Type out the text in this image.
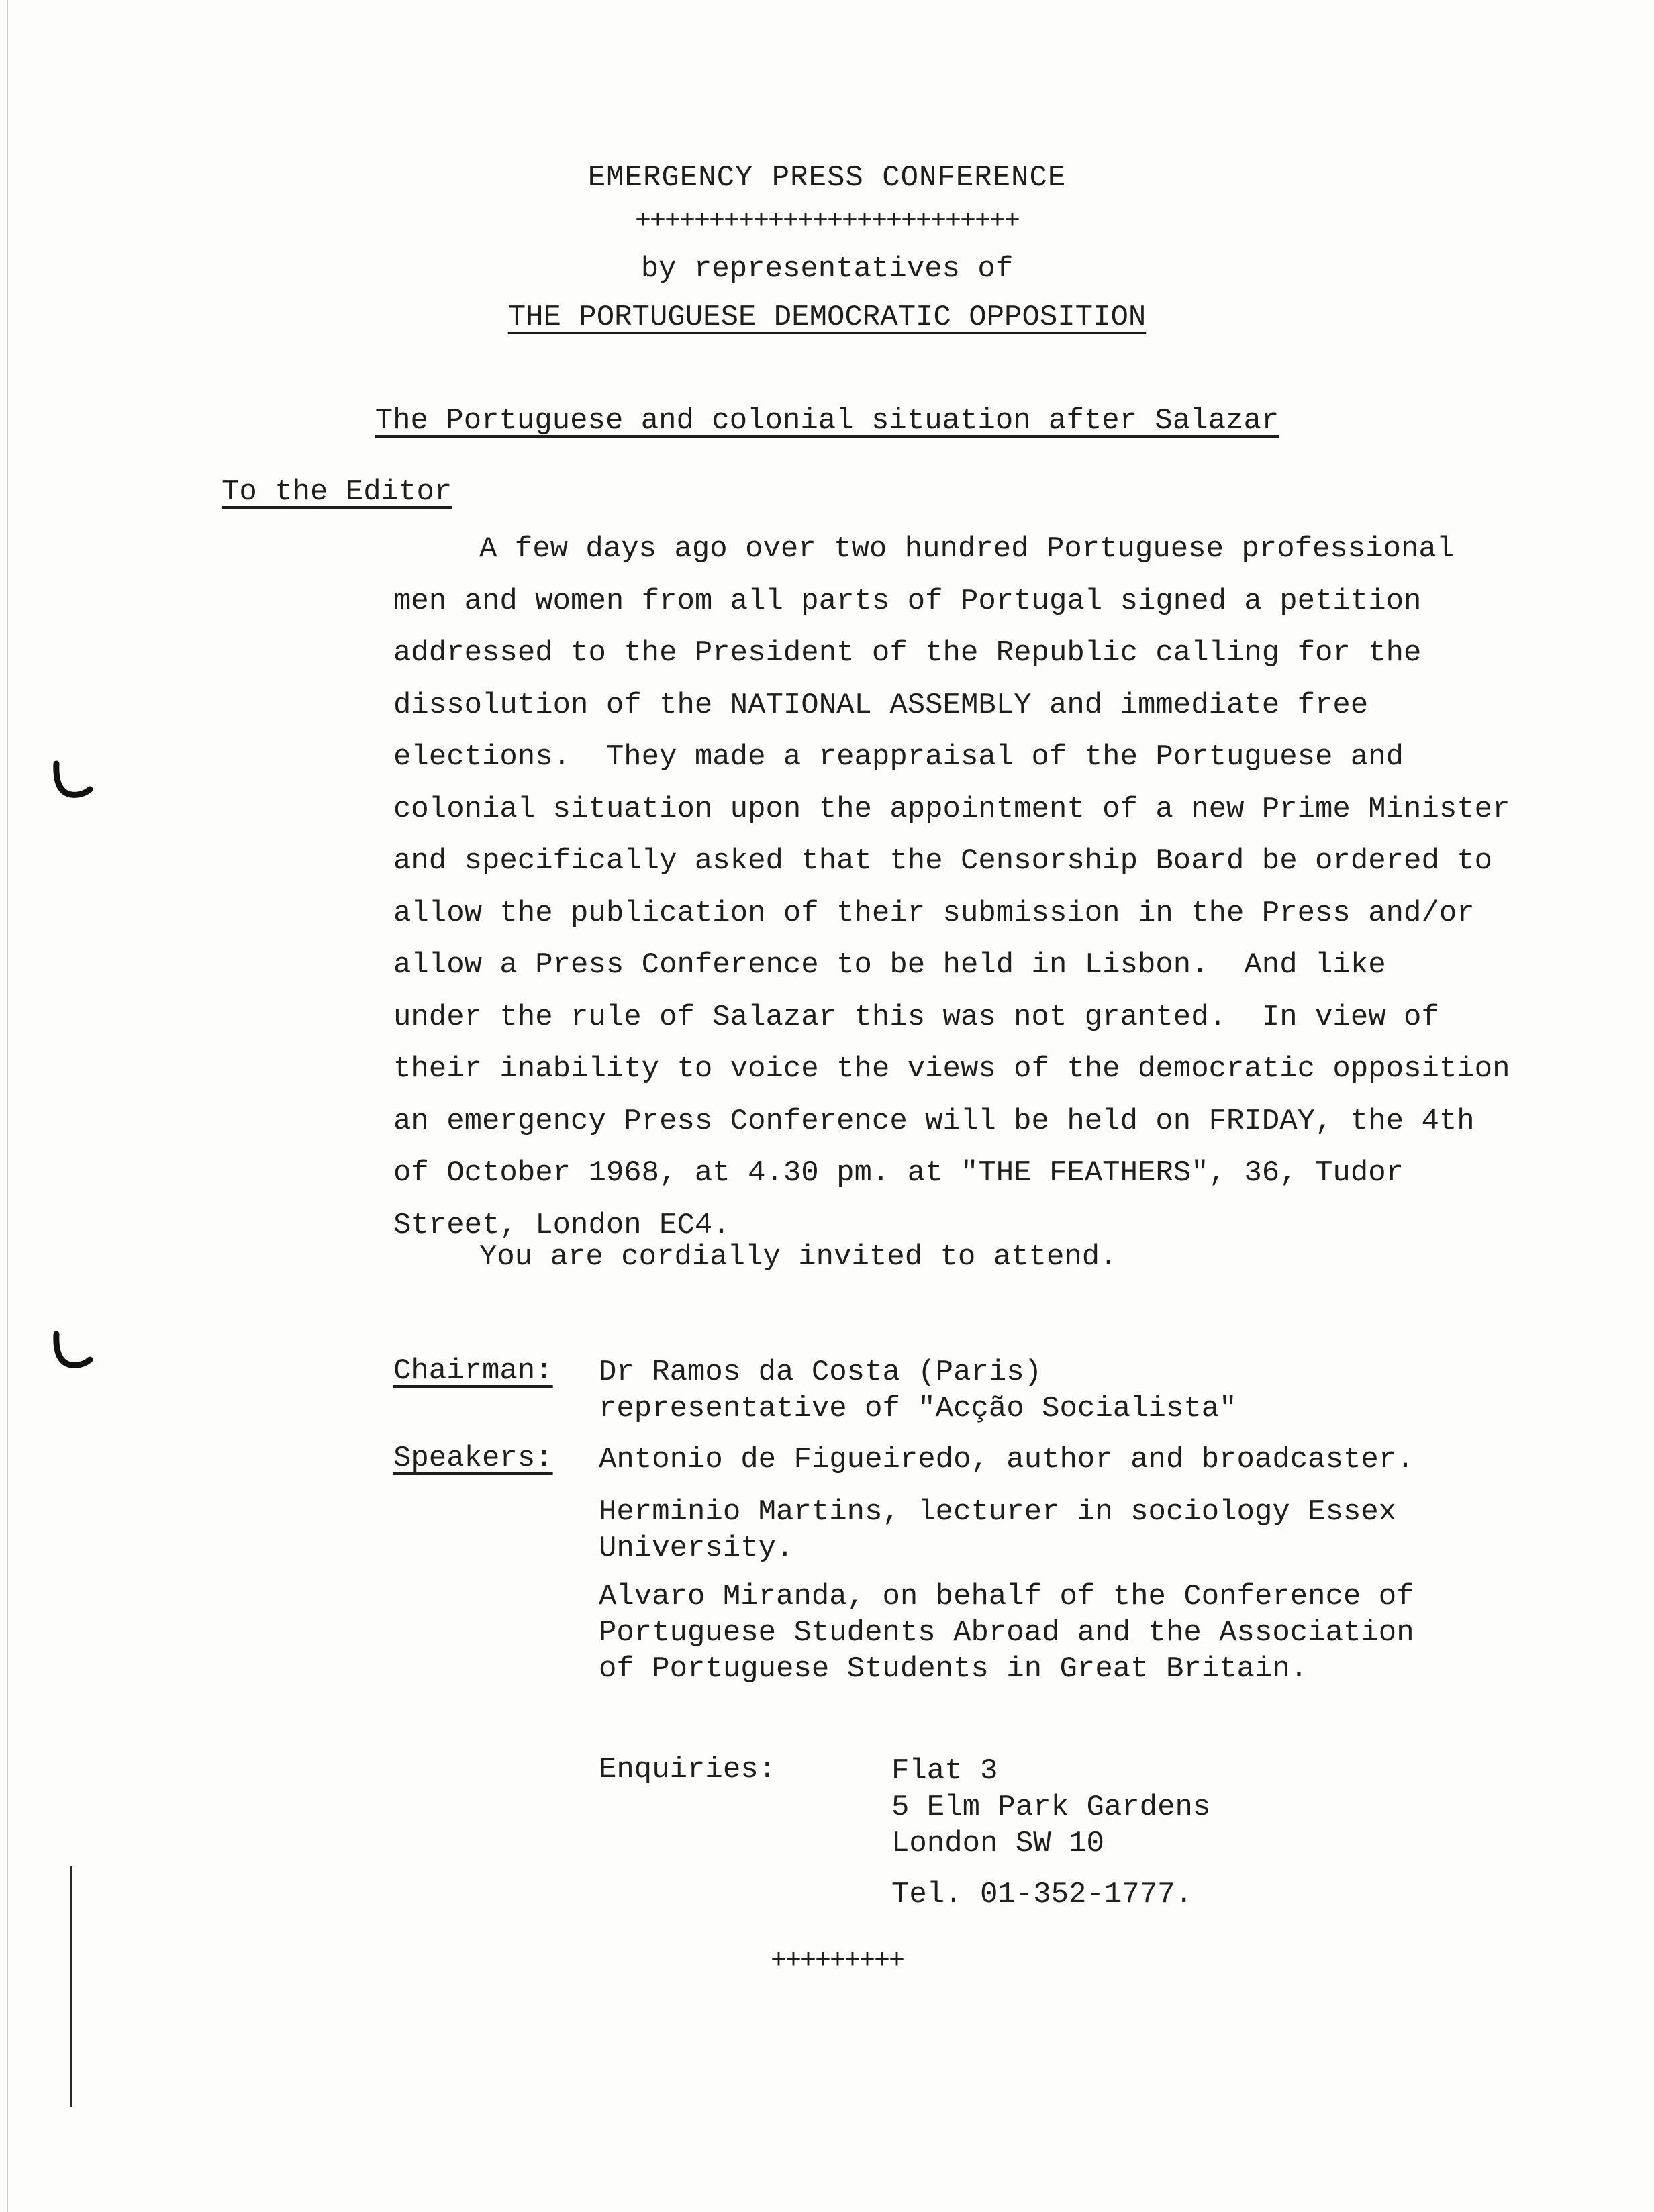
EMERGENCY PRESS CONFERENCE
++++++++++++++++++++++++++
by representatives of
THE PORTUGUESE DEMOCRATIC OPPOSITION
The Portuguese and colonial situation after Salazar
To the Editor
A few days ago over two hundred Portuguese professional
men and women from all parts of Portugal signed a petition
addressed to the President of the Republic calling for the
dissolution of the NATIONAL ASSEMBLY and immediate free
elections.  They made a reappraisal of the Portuguese and
colonial situation upon the appointment of a new Prime Minister
and specifically asked that the Censorship Board be ordered to
allow the publication of their submission in the Press and/or
allow a Press Conference to be held in Lisbon.  And like
under the rule of Salazar this was not granted.  In view of
their inability to voice the views of the democratic opposition
an emergency Press Conference will be held on FRIDAY, the 4th
of October 1968, at 4.30 pm. at "THE FEATHERS", 36, Tudor
Street, London EC4.
You are cordially invited to attend.
Chairman: Dr Ramos da Costa (Paris)
representative of "Acção Socialista"
Speakers: Antonio de Figueiredo, author and broadcaster.
Herminio Martins, lecturer in sociology Essex
University.
Alvaro Miranda, on behalf of the Conference of
Portuguese Students Abroad and the Association
of Portuguese Students in Great Britain.
Enquiries:	Flat 3
5 Elm Park Gardens
London SW 10
Tel. 01-352-1777.
+++++++++
